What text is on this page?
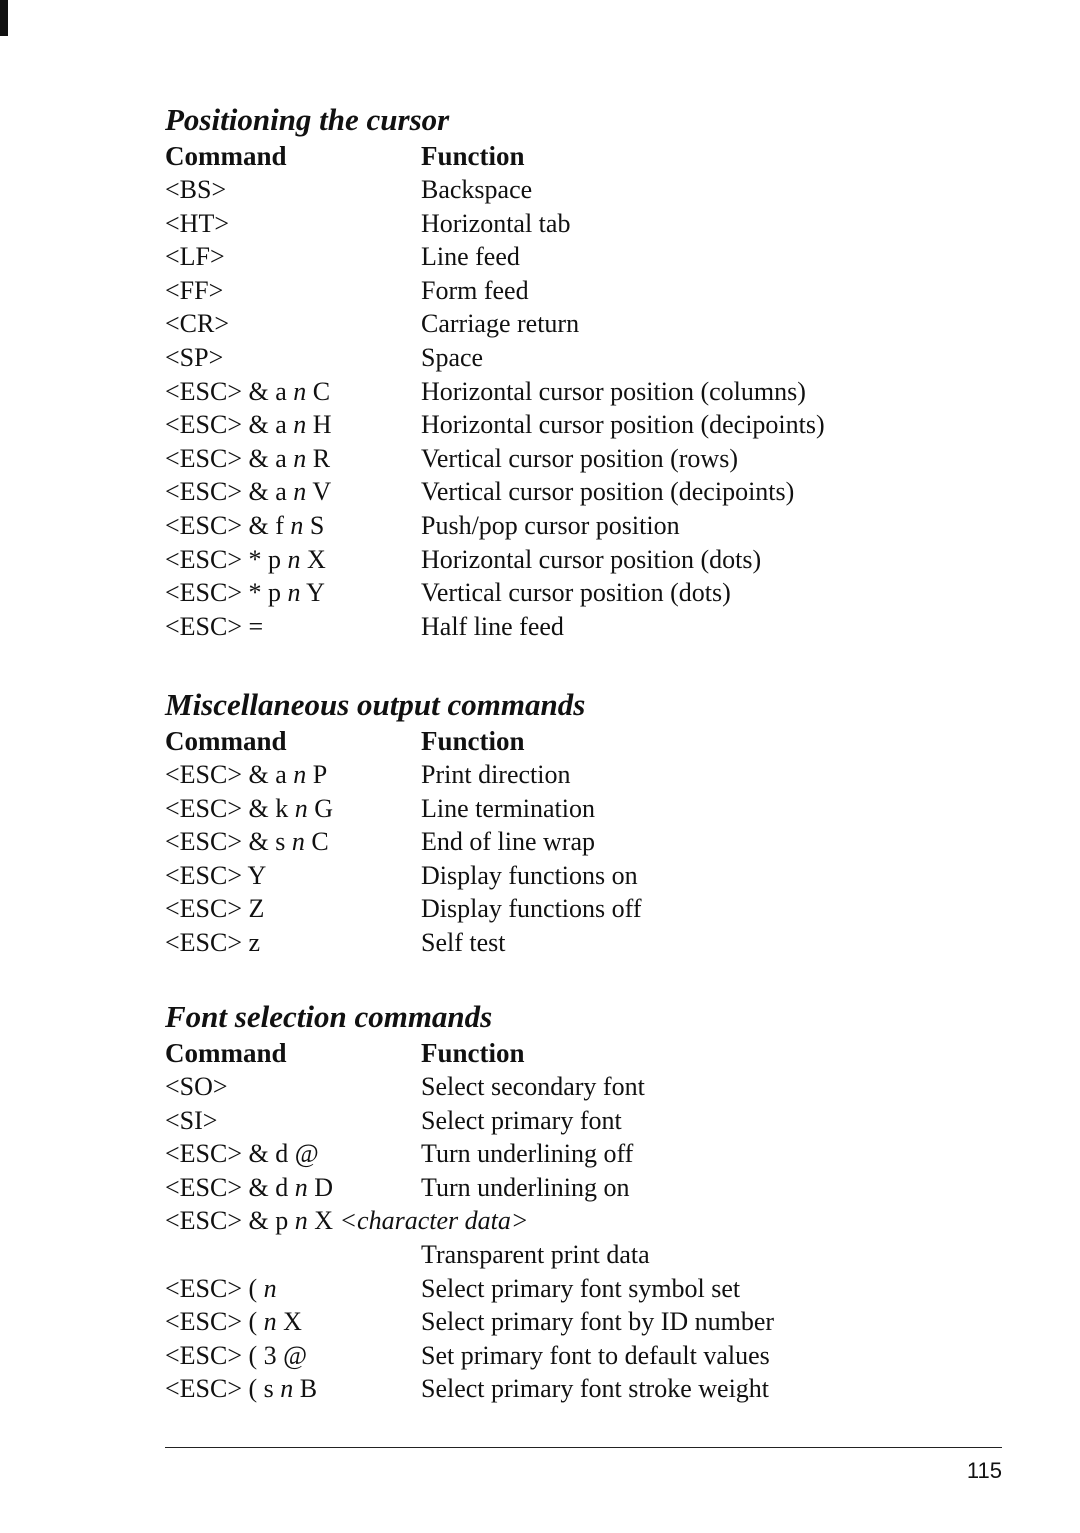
Positioning the cursor
Command	Function
<BS>	Backspace
<HT>	Horizontal tab
<LF>	Line feed
<FF>	Form feed
<CR>	Carriage return
<SP>	Space
<ESC> & a n C	Horizontal cursor position (columns)
<ESC> & a n H	Horizontal cursor position (decipoints)
<ESC> & a n R	Vertical cursor position (rows)
<ESC> & a n V	Vertical cursor position (decipoints)
<ESC> & f n S	Push/pop cursor position
<ESC> * p n X	Horizontal cursor position (dots)
<ESC> * p n Y	Vertical cursor position (dots)
<ESC> =	Half line feed
Miscellaneous output commands
Command	Function
<ESC> & a n P	Print direction
<ESC> & k n G	Line termination
<ESC> & s n C	End of line wrap
<ESC> Y	Display functions on
<ESC> Z	Display functions off
<ESC> z	Self test
Font selection commands
Command	Function
<SO>	Select secondary font
<SI>	Select primary font
<ESC> & d @	Turn underlining off
<ESC> & d n D	Turn underlining on
<ESC> & p n X <character data>
Transparent print data
<ESC> ( n	Select primary font symbol set
<ESC> ( n X	Select primary font by ID number
<ESC> ( 3 @	Set primary font to default values
<ESC> ( s n B	Select primary font stroke weight
115
